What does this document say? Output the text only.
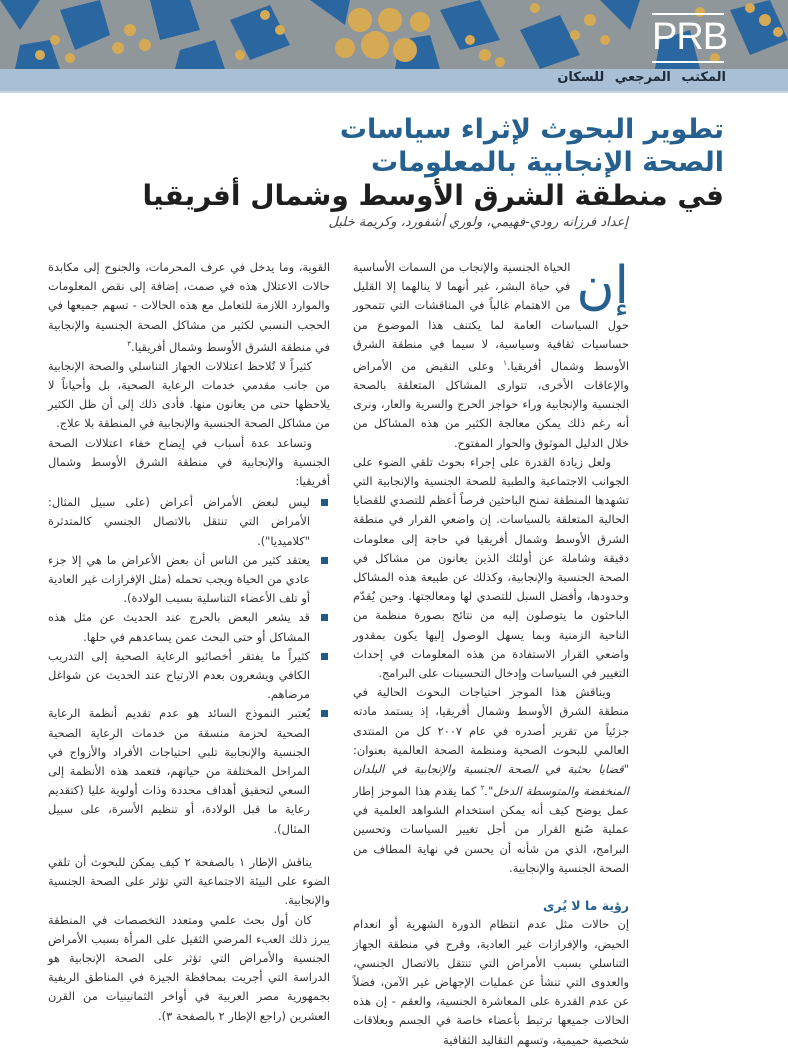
PRB
المكتب المرجعي للسكان
تطوير البحوث لإثراء سياسات
الصحة الإنجابية بالمعلومات
في منطقة الشرق الأوسط وشمال أفريقيا
إعداد فرزانه رودي-فهيمي، ولوري أشفورد، وكريمة خليل

إن
الحياة الجنسية والإنجاب من السمات الأساسية في حياة البشر، غير أنهما لا ينالهما إلا القليل من الاهتمام غالباً في المناقشات التي تتمحور حول السياسات العامة لما يكتنف هذا الموضوع من حساسيات ثقافية وسياسية، لا سيما في منطقة الشرق الأوسط وشمال أفريقيا.$^١$ وعلى النقيض من الأمراض والإعاقات الأخرى، تتوارى المشاكل المتعلقة بالصحة الجنسية والإنجابية وراء حواجز الحرج والسرية والعار، ونرى أنه رغم ذلك يمكن معالجة الكثير من هذه المشاكل من خلال الدليل الموثوق والحوار المفتوح.

ولعل زيادة القدرة على إجراء بحوث تلقي الضوء على الجوانب الاجتماعية والطبية للصحة الجنسية والإنجابية التي تشهدها المنطقة تمنح الباحثين فرصاً أعظم للتصدي للقضايا الحالية المتعلقة بالسياسات. إن واضعي القرار في منطقة الشرق الأوسط وشمال أفريقيا في حاجة إلى معلومات دقيقة وشاملة عن أولئك الذين يعانون من مشاكل في الصحة الجنسية والإنجابية، وكذلك عن طبيعة هذه المشاكل وحدودها، وأفضل السبل للتصدي لها ومعالجتها. وحين يُقدّم الباحثون ما يتوصلون إليه من نتائج بصورة منظمة من الناحية الزمنية وبما يسهل الوصول إليها يكون بمقدور واضعي القرار الاستفادة من هذه المعلومات في إحداث التغيير في السياسات وإدخال التحسينات على البرامج.

ويناقش هذا الموجز احتياجات البحوث الحالية في منطقة الشرق الأوسط وشمال أفريقيا، إذ يستمد مادته جزئياً من تقرير أصدره في عام ٢٠٠٧ كل من المنتدى العالمي للبحوث الصحية ومنظمة الصحة العالمية بعنوان: "قضايا بحثية في الصحة الجنسية والإنجابية في البلدان المنخفضة والمتوسطة الدخل".$^٢$ كما يقدم هذا الموجز إطار عمل يوضح كيف أنه يمكن استخدام الشواهد العلمية في عملية صُنع القرار من أجل تغيير السياسات وتحسين البرامج، الذي من شأنه أن يحسن في نهاية المطاف من الصحة الجنسية والإنجابية.

رؤية ما لا يُرى

إن حالات مثل عدم انتظام الدورة الشهرية أو انعدام الحيض، والإفرازات غير العادية، وقرح في منطقة الجهاز التناسلي بسبب الأمراض التي تنتقل بالاتصال الجنسي، والعدوى التي تنشأ عن عمليات الإجهاض غير الآمن، فضلاً عن عدم القدرة على المعاشرة الجنسية، والعقم - إن هذه الحالات جميعها ترتبط بأعضاء خاصة في الجسم وبعلاقات شخصية حميمية، وتسهم التقاليد الثقافية

القوية، وما يدخل في عرف المحرمات، والجنوح إلى مكابدة حالات الاعتلال هذه في صمت، إضافة إلى نقص المعلومات والموارد اللازمة للتعامل مع هذه الحالات - تسهم جميعها في الحجب النسبي لكثير من مشاكل الصحة الجنسية والإنجابية في منطقة الشرق الأوسط وشمال أفريقيا.$^٣$

كثيراً لا تُلاحظ اعتلالات الجهاز التناسلي والصحة الإنجابية من جانب مقدمي خدمات الرعاية الصحية، بل وأحياناً لا يلاحظها حتى من يعانون منها. فأدى ذلك إلى أن ظل الكثير من مشاكل الصحة الجنسية والإنجابية في المنطقة بلا علاج.

وتساعد عدة أسباب في إيضاح خفاء اعتلالات الصحة الجنسية والإنجابية في منطقة الشرق الأوسط وشمال أفريقيا:

ليس لبعض الأمراض أعراض (على سبيل المثال: الأمراض التي تنتقل بالاتصال الجنسي كالمتدثرة "كلاميديا").
يعتقد كثير من الناس أن بعض الأعراض ما هي إلا جزء عادي من الحياة ويجب تحمله (مثل الإفرازات غير العادية أو تلف الأعضاء التناسلية بسبب الولادة).
قد يشعر البعض بالحرج عند الحديث عن مثل هذه المشاكل أو حتى البحث عمن يساعدهم في حلها.
كثيراً ما يفتقر أخصائيو الرعاية الصحية إلى التدريب الكافي ويشعرون بعدم الارتياح عند الحديث عن شواغل مرضاهم.
يُعتبر النموذج السائد هو عدم تقديم أنظمة الرعاية الصحية لحزمة منسقة من خدمات الرعاية الصحية الجنسية والإنجابية تلبي احتياجات الأفراد والأزواج في المراحل المختلفة من حياتهم، فتعمد هذه الأنظمة إلى السعي لتحقيق أهداف محددة وذات أولوية عليا (كتقديم رعاية ما قبل الولادة، أو تنظيم الأسرة، على سبيل المثال).

يناقش الإطار ١ بالصفحة ٢ كيف يمكن للبحوث أن تلقي الضوء على البيئة الاجتماعية التي تؤثر على الصحة الجنسية والإنجابية.

كان أول بحث علمي ومتعدد التخصصات في المنطقة يبرز ذلك العبء المرضي الثقيل على المرأة بسبب الأمراض الجنسية والأمراض التي تؤثر على الصحة الإنجابية هو الدراسة التي أجريت بمحافظة الجيزة في المناطق الريفية بجمهورية مصر العربية في أواخر الثمانينيات من القرن العشرين (راجع الإطار ٢ بالصفحة ٣).
